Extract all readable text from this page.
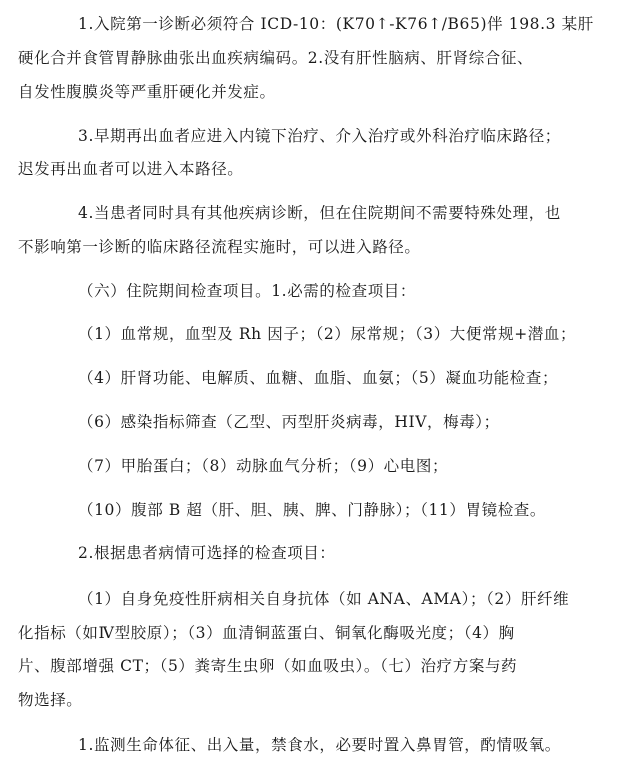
1.入院第一诊断必须符合 ICD-10：(K70↑-K76↑/B65)伴 198.3 某肝
硬化合并食管胃静脉曲张出血疾病编码。2.没有肝性脑病、肝肾综合征、
自发性腹膜炎等严重肝硬化并发症。
3.早期再出血者应进入内镜下治疗、介入治疗或外科治疗临床路径；
迟发再出血者可以进入本路径。
4.当患者同时具有其他疾病诊断，但在住院期间不需要特殊处理，也
不影响第一诊断的临床路径流程实施时，可以进入路径。
（六）住院期间检查项目。1.必需的检查项目：
（1）血常规，血型及 Rh 因子；（2）尿常规；（3）大便常规+潜血；
（4）肝肾功能、电解质、血糖、血脂、血氨；（5）凝血功能检查；
（6）感染指标筛查（乙型、丙型肝炎病毒，HIV，梅毒）；
（7）甲胎蛋白；（8）动脉血气分析；（9）心电图；
（10）腹部 B 超（肝、胆、胰、脾、门静脉）；（11）胃镜检查。
2.根据患者病情可选择的检查项目：
（1）自身免疫性肝病相关自身抗体（如 ANA、AMA）；（2）肝纤维
化指标（如Ⅳ型胶原）；（3）血清铜蓝蛋白、铜氧化酶吸光度；（4）胸
片、腹部增强 CT；（5）粪寄生虫卵（如血吸虫）。（七）治疗方案与药
物选择。
1.监测生命体征、出入量，禁食水，必要时置入鼻胃管，酌情吸氧。
